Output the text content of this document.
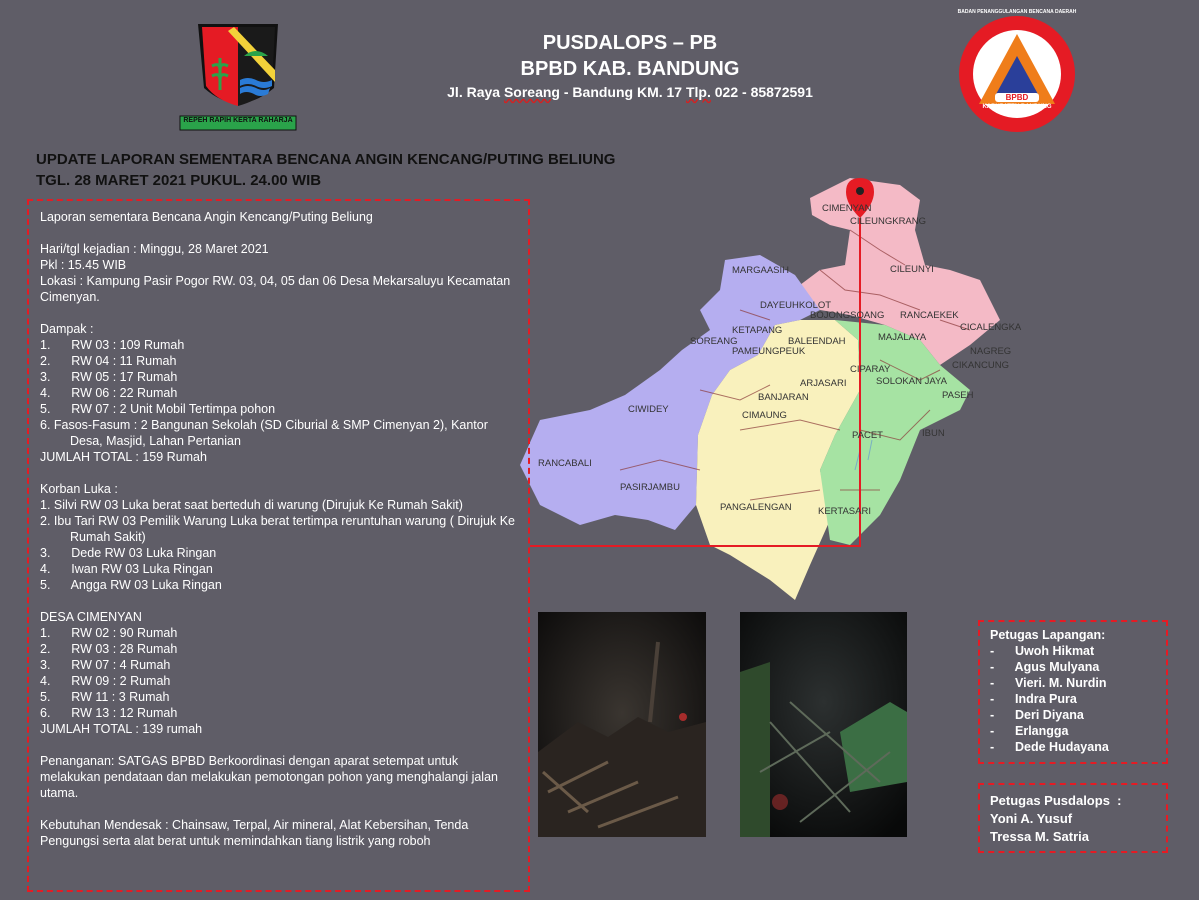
REPEH RAPIH KERTA RAHARJA
PUSDALOPS – PB
BPBD KAB. BANDUNG
Jl. Raya Soreang - Bandung KM. 17 Tlp. 022 - 85872591
BADAN PENANGGULANGAN BENCANA DAERAH
BPBD
KABUPATEN BANDUNG
UPDATE LAPORAN SEMENTARA BENCANA ANGIN KENCANG/PUTING BELIUNG
TGL. 28 MARET 2021 PUKUL. 24.00 WIB
CIMENYAN
CILEUNGKRANG
CILEUNYI
MARGAASIH
DAYEUHKOLOT
BOJONGSOANG RANCAEKEK
CICALENGKA
NAGREG
KETAPANG
SOREANG	BALEENDAH
PAMEUNGPEUK
MAJALAYA
CIPARAY
SOLOKAN JAYA
CIKANCUNG
ARJASARI
PASEH
BANJARAN
CIWIDEY
CIMAUNG
PACET	IBUN
RANCABALI
PASIRJAMBU
PANGALENGAN	KERTASARI
Laporan sementara Bencana Angin Kencang/Puting Beliung

Hari/tgl kejadian : Minggu, 28 Maret 2021
Pkl : 15.45 WIB
Lokasi : Kampung Pasir Pogor RW. 03, 04, 05 dan 06 Desa Mekarsaluyu Kecamatan Cimenyan.

Dampak :
1.      RW 03 : 109 Rumah
2.      RW 04 : 11 Rumah
3.      RW 05 : 17 Rumah
4.      RW 06 : 22 Rumah
5.      RW 07 : 2 Unit Mobil Tertimpa pohon
6. Fasos-Fasum : 2 Bangunan Sekolah (SD Ciburial & SMP Cimenyan 2), Kantor Desa, Masjid, Lahan Pertanian
JUMLAH TOTAL : 159 Rumah

Korban Luka :
1. Silvi RW 03 Luka berat saat berteduh di warung (Dirujuk Ke Rumah Sakit)
2. Ibu Tari RW 03 Pemilik Warung Luka berat tertimpa reruntuhan warung ( Dirujuk Ke Rumah Sakit)
3.      Dede RW 03 Luka Ringan
4.      Iwan RW 03 Luka Ringan
5.      Angga RW 03 Luka Ringan

DESA CIMENYAN
1.      RW 02 : 90 Rumah
2.      RW 03 : 28 Rumah
3.      RW 07 : 4 Rumah
4.      RW 09 : 2 Rumah
5.      RW 11 : 3 Rumah
6.      RW 13 : 12 Rumah
JUMLAH TOTAL : 139 rumah

Penanganan: SATGAS BPBD Berkoordinasi dengan aparat setempat untuk melakukan pendataan dan melakukan pemotongan pohon yang menghalangi jalan utama.

Kebutuhan Mendesak : Chainsaw, Terpal, Air mineral, Alat Kebersihan, Tenda Pengungsi serta alat berat untuk memindahkan tiang listrik yang roboh
Petugas Lapangan:
-      Uwoh Hikmat
-      Agus Mulyana
-      Vieri. M. Nurdin
-      Indra Pura
-      Deri Diyana
-      Erlangga
-      Dede Hudayana
Petugas Pusdalops  :
Yoni A. Yusuf
Tressa M. Satria
